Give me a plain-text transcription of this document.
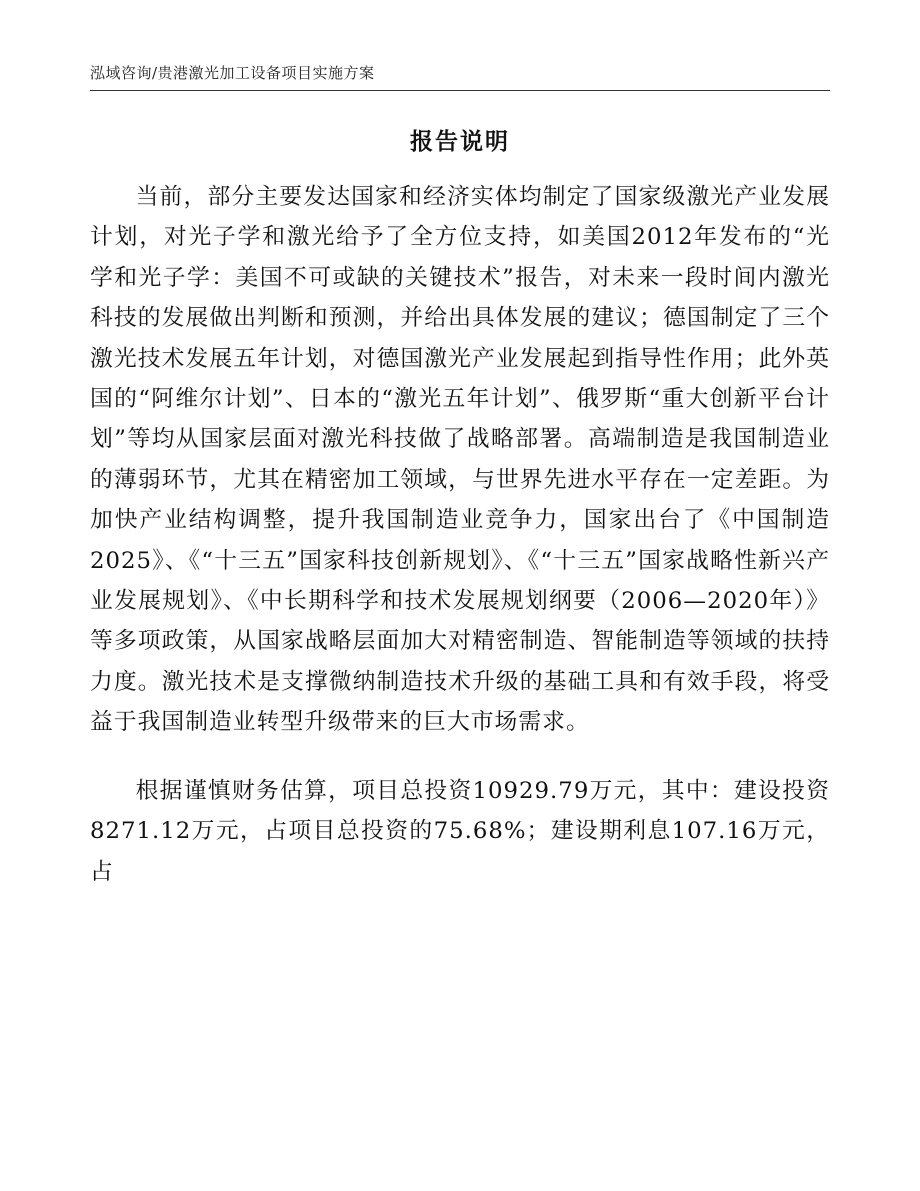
泓域咨询/贵港激光加工设备项目实施方案
报告说明

当前，部分主要发达国家和经济实体均制定了国家级激光产业发展计划，对光子学和激光给予了全方位支持，如美国2012年发布的“光学和光子学：美国不可或缺的关键技术”报告，对未来一段时间内激光科技的发展做出判断和预测，并给出具体发展的建议；德国制定了三个激光技术发展五年计划，对德国激光产业发展起到指导性作用；此外英国的“阿维尔计划”、日本的“激光五年计划”、俄罗斯“重大创新平台计划”等均从国家层面对激光科技做了战略部署。高端制造是我国制造业的薄弱环节，尤其在精密加工领域，与世界先进水平存在一定差距。为加快产业结构调整，提升我国制造业竞争力，国家出台了《中国制造2025》、《“十三五”国家科技创新规划》、《“十三五”国家战略性新兴产业发展规划》、《中长期科学和技术发展规划纲要（2006—2020年）》等多项政策，从国家战略层面加大对精密制造、智能制造等领域的扶持力度。激光技术是支撑微纳制造技术升级的基础工具和有效手段，将受益于我国制造业转型升级带来的巨大市场需求。

根据谨慎财务估算，项目总投资10929.79万元，其中：建设投资8271.12万元，占项目总投资的75.68%；建设期利息107.16万元，占
